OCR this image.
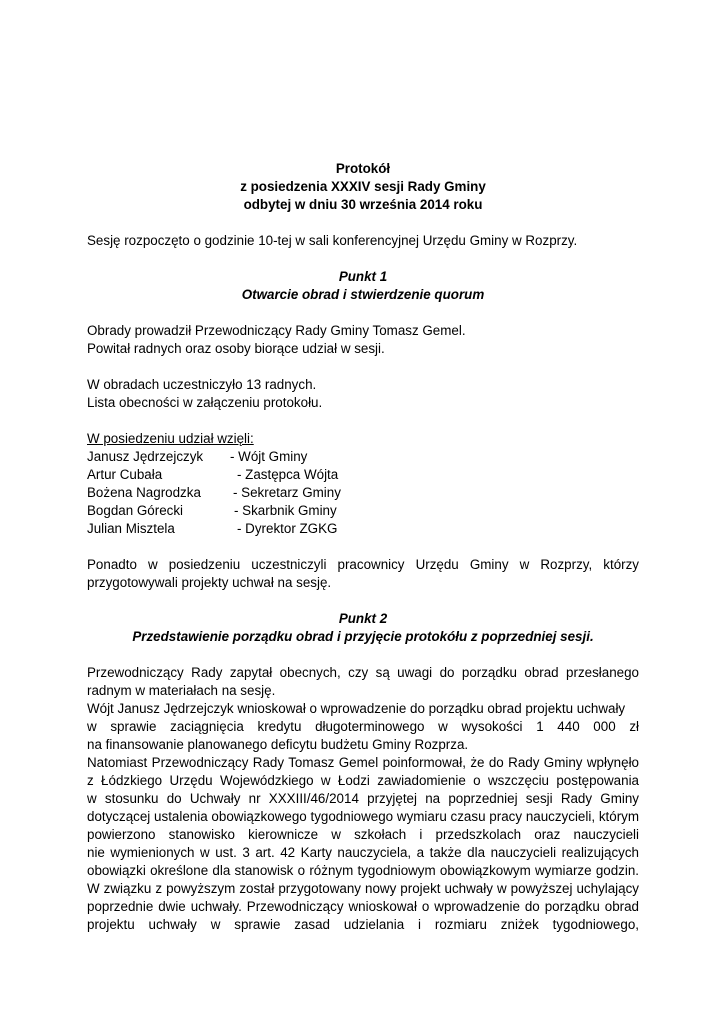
Protokół
z posiedzenia XXXIV sesji Rady Gminy
odbytej w dniu 30 września 2014 roku
Sesję rozpoczęto o godzinie 10-tej w sali konferencyjnej Urzędu Gminy w Rozprzy.
Punkt 1
Otwarcie obrad i stwierdzenie quorum
Obrady prowadził Przewodniczący Rady Gminy Tomasz Gemel.
Powitał radnych oraz osoby biorące udział w sesji.
W obradach uczestniczyło 13 radnych.
Lista obecności w załączeniu protokołu.
W posiedzeniu udział wzięli:
Janusz Jędrzejczyk	- Wójt Gminy
Artur Cubała	- Zastępca Wójta
Bożena Nagrodzka	- Sekretarz Gminy
Bogdan Górecki	- Skarbnik Gminy
Julian Misztela	- Dyrektor ZGKG
Ponadto w posiedzeniu uczestniczyli pracownicy Urzędu Gminy w Rozprzy, którzy
przygotowywali projekty uchwał na sesję.
Punkt 2
Przedstawienie porządku obrad i przyjęcie protokółu z poprzedniej sesji.
Przewodniczący Rady zapytał obecnych, czy są uwagi do porządku obrad przesłanego
radnym w materiałach na sesję.
Wójt Janusz Jędrzejczyk wnioskował o wprowadzenie do porządku obrad projektu uchwały
w sprawie zaciągnięcia kredytu długoterminowego w wysokości 1 440 000 zł
na finansowanie planowanego deficytu budżetu Gminy Rozprza.
Natomiast Przewodniczący Rady Tomasz Gemel poinformował, że do Rady Gminy wpłynęło
z Łódzkiego Urzędu Wojewódzkiego w Łodzi zawiadomienie o wszczęciu postępowania
w stosunku do Uchwały nr XXXIII/46/2014 przyjętej na poprzedniej sesji Rady Gminy
dotyczącej ustalenia obowiązkowego tygodniowego wymiaru czasu pracy nauczycieli, którym
powierzono stanowisko kierownicze w szkołach i przedszkolach oraz nauczycieli
nie wymienionych w ust. 3 art. 42 Karty nauczyciela, a także dla nauczycieli realizujących
obowiązki określone dla stanowisk o różnym tygodniowym obowiązkowym wymiarze godzin.
W związku z powyższym został przygotowany nowy projekt uchwały w powyższej uchylający
poprzednie dwie uchwały. Przewodniczący wnioskował o wprowadzenie do porządku obrad
projektu uchwały w sprawie zasad udzielania i rozmiaru zniżek tygodniowego,
